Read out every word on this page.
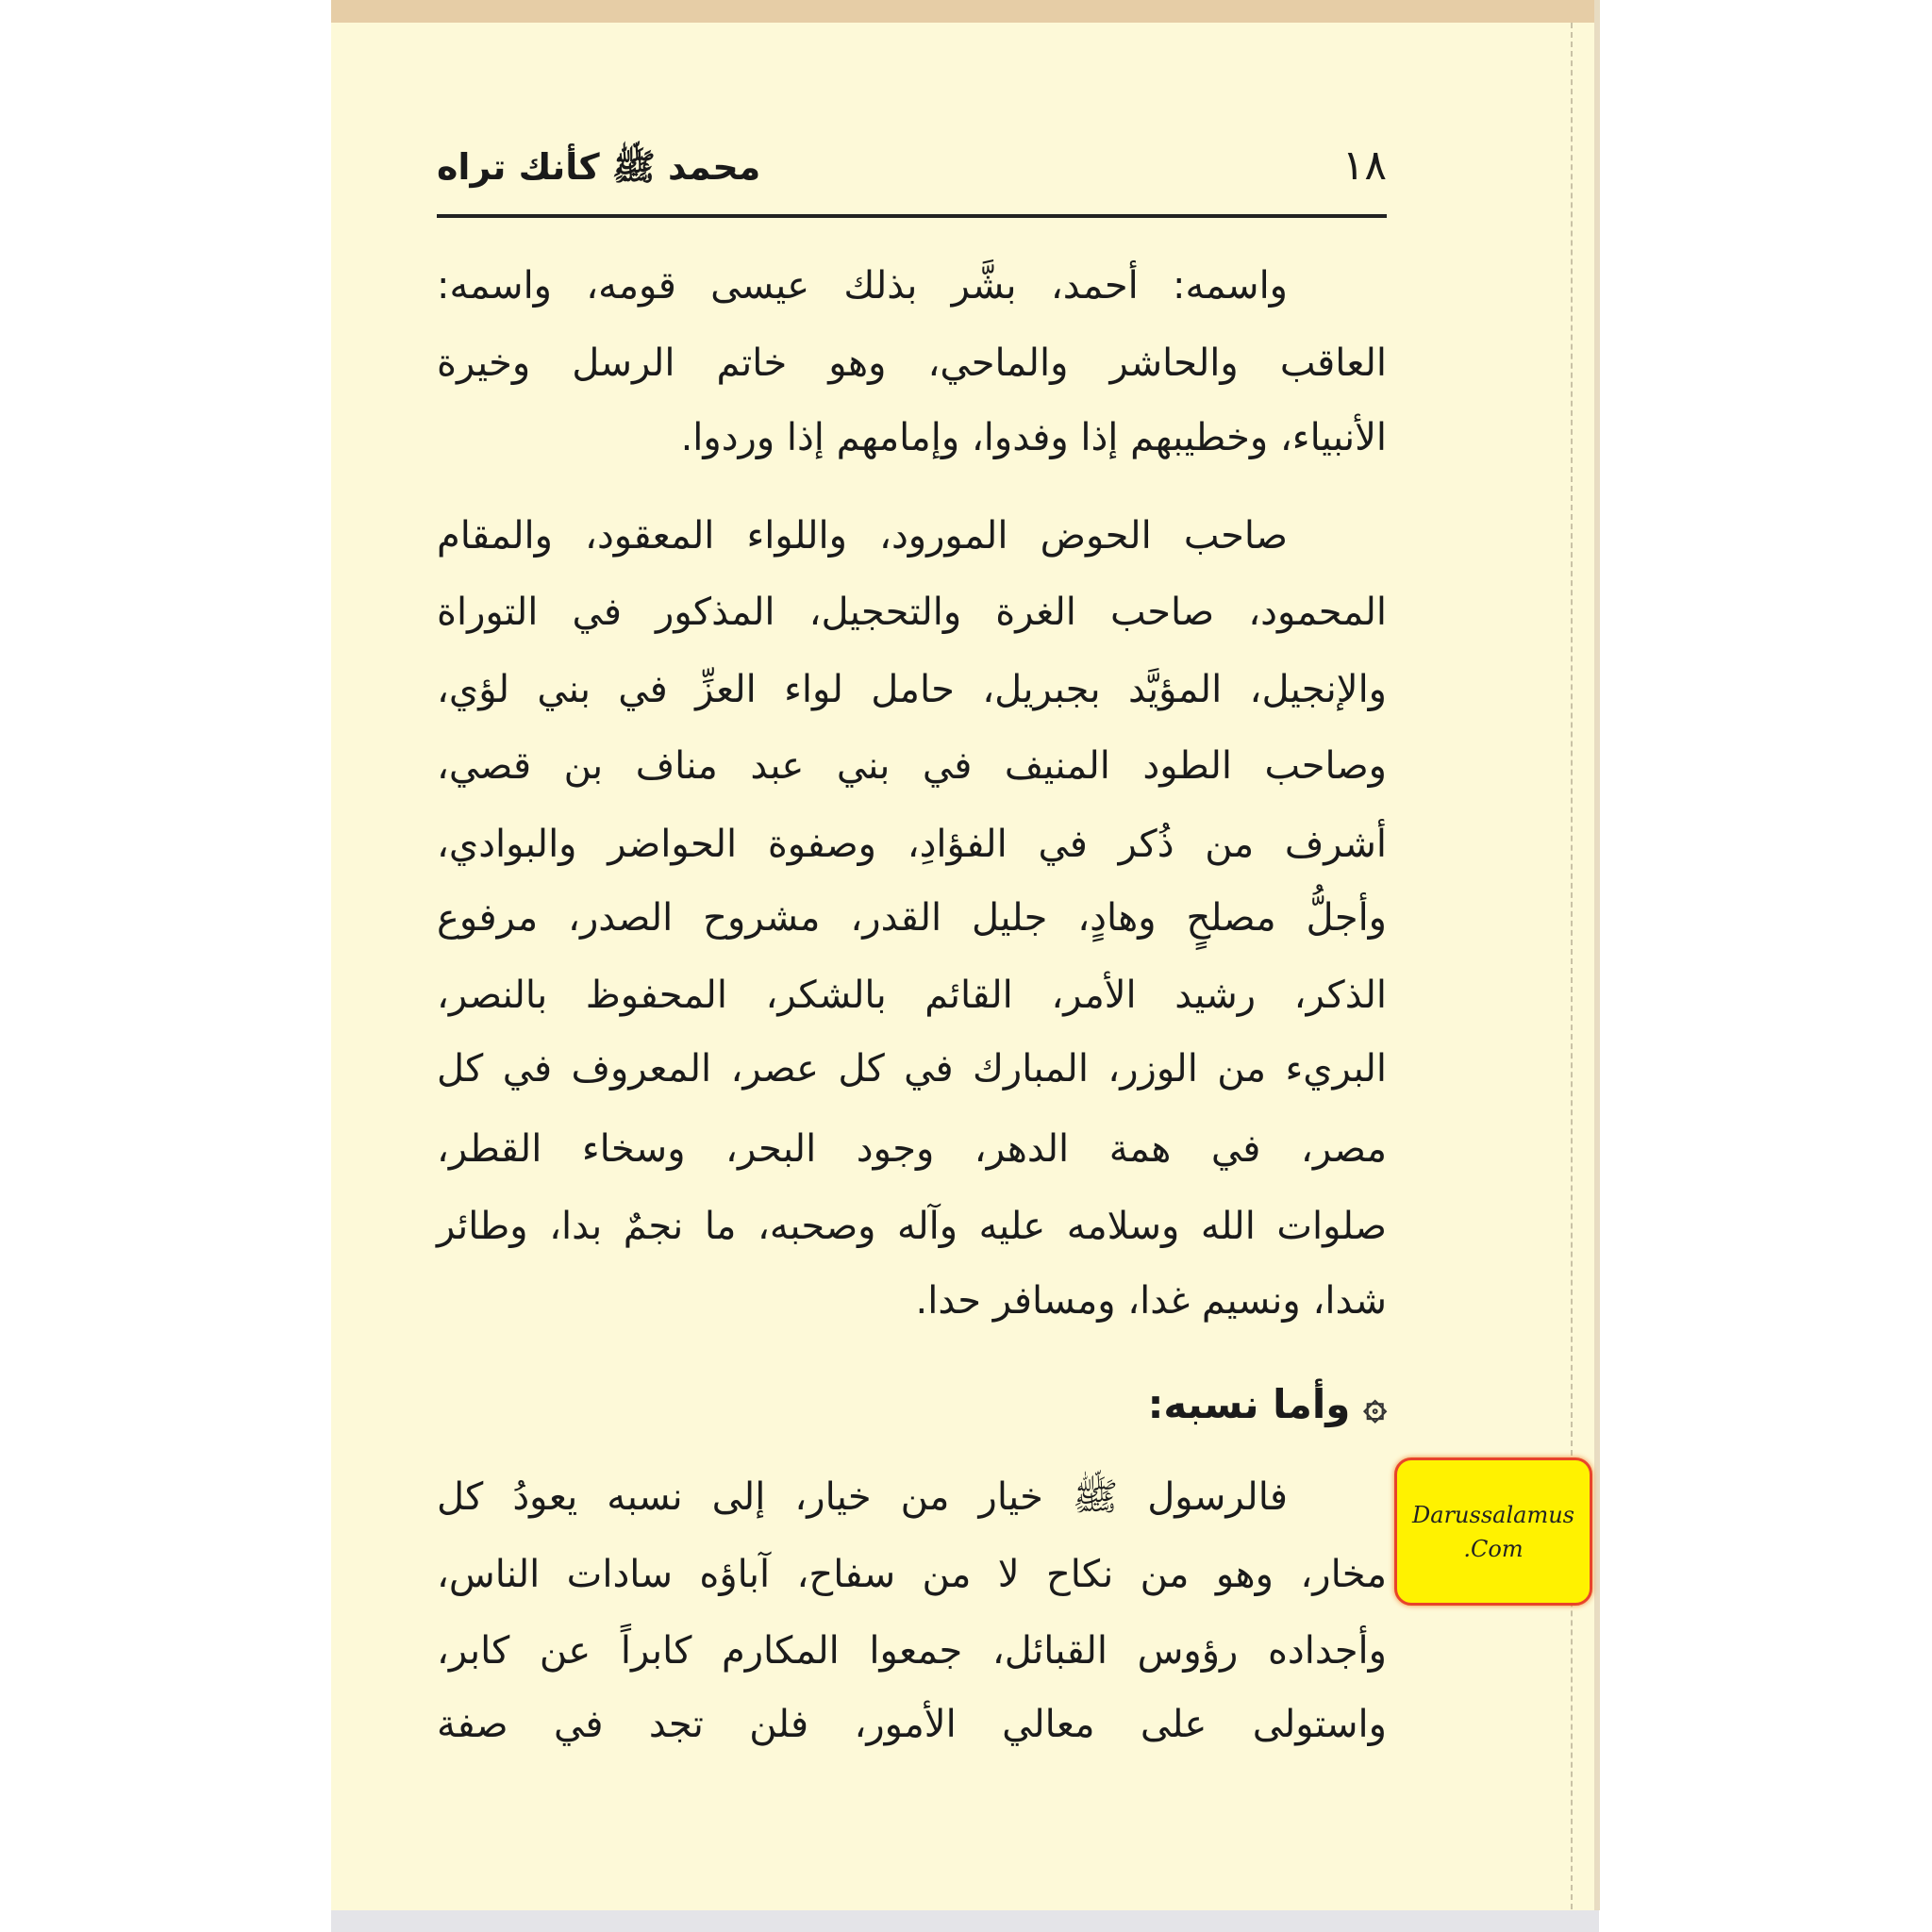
١٨
محمد ﷺ كأنك تراه
واسمه: أحمد، بشَّر بذلك عيسى قومه، واسمه:
العاقب والحاشر والماحي، وهو خاتم الرسل وخيرة
الأنبياء، وخطيبهم إذا وفدوا، وإمامهم إذا وردوا.
صاحب الحوض المورود، واللواء المعقود، والمقام
المحمود، صاحب الغرة والتحجيل، المذكور في التوراة
والإنجيل، المؤيَّد بجبريل، حامل لواء العزِّ في بني لؤي،
وصاحب الطود المنيف في بني عبد مناف بن قصي،
أشرف من ذُكر في الفؤادِ، وصفوة الحواضر والبوادي،
وأجلُّ مصلحٍ وهادٍ، جليل القدر، مشروح الصدر، مرفوع
الذكر، رشيد الأمر، القائم بالشكر، المحفوظ بالنصر،
البريء من الوزر، المبارك في كل عصر، المعروف في كل
مصر، في همة الدهر، وجود البحر، وسخاء القطر،
صلوات الله وسلامه عليه وآله وصحبه، ما نجمٌ بدا، وطائر
شدا، ونسيم غدا، ومسافر حدا.
۞وأما نسبه:
فالرسول ﷺ خيار من خيار، إلى نسبه يعودُ كل
مخار، وهو من نكاح لا من سفاح، آباؤه سادات الناس،
وأجداده رؤوس القبائل، جمعوا المكارم كابراً عن كابر،
واستولى على معالي الأمور، فلن تجد في صفة
Darussalamus
.Com
